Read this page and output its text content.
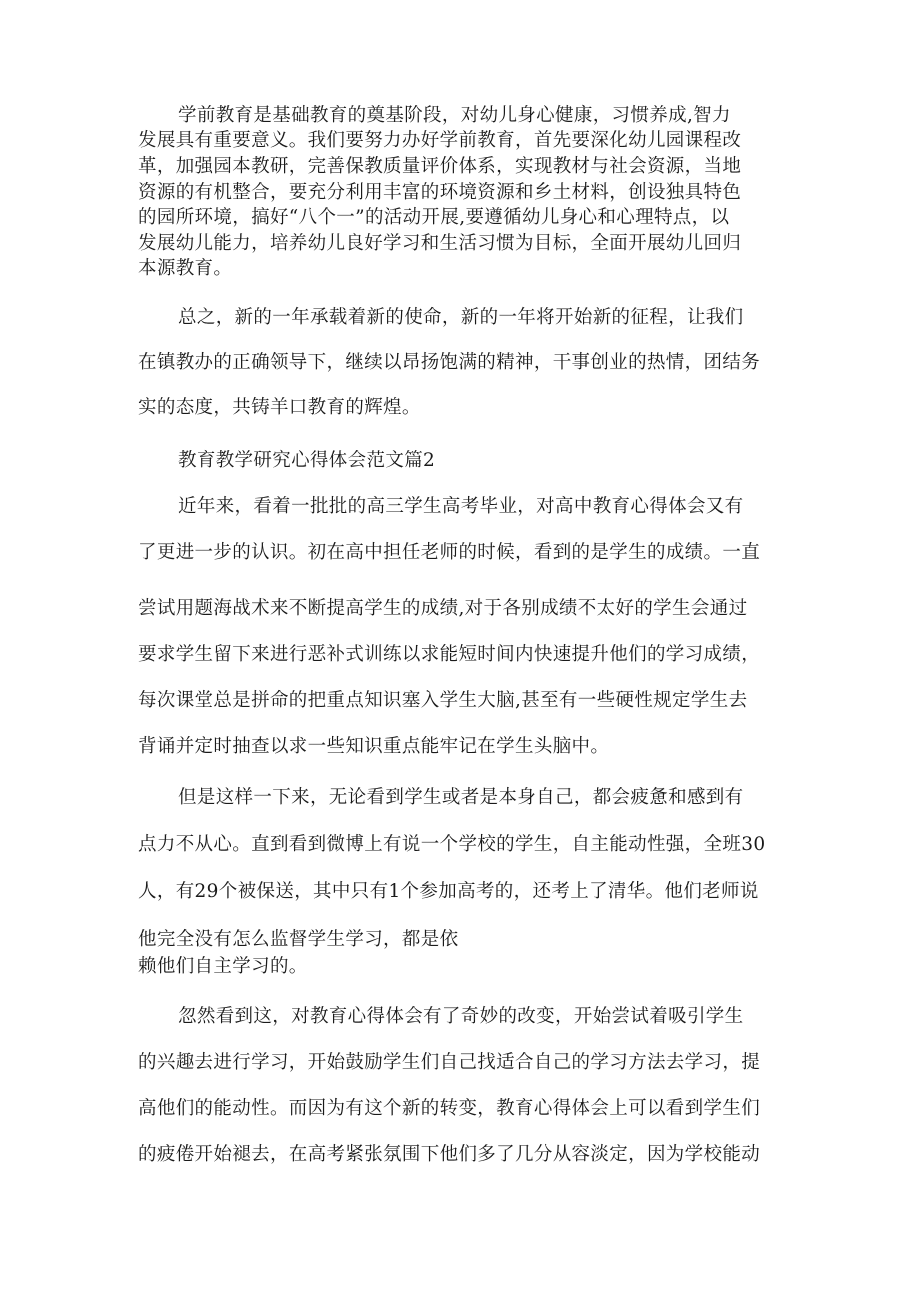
学前教育是基础教育的奠基阶段，对幼儿身心健康，习惯养成,智力
发展具有重要意义。我们要努力办好学前教育，首先要深化幼儿园课程改
革，加强园本教研，完善保教质量评价体系，实现教材与社会资源，当地
资源的有机整合，要充分利用丰富的环境资源和乡土材料，创设独具特色
的园所环境，搞好“八个一”的活动开展,要遵循幼儿身心和心理特点，以
发展幼儿能力，培养幼儿良好学习和生活习惯为目标，全面开展幼儿回归
本源教育。
总之，新的一年承载着新的使命，新的一年将开始新的征程，让我们
在镇教办的正确领导下，继续以昂扬饱满的精神，干事创业的热情，团结务
实的态度，共铸羊口教育的辉煌。
教育教学研究心得体会范文篇2
近年来，看着一批批的高三学生高考毕业，对高中教育心得体会又有
了更进一步的认识。初在高中担任老师的时候，看到的是学生的成绩。一直
尝试用题海战术来不断提高学生的成绩,对于各别成绩不太好的学生会通过
要求学生留下来进行恶补式训练以求能短时间内快速提升他们的学习成绩，
每次课堂总是拼命的把重点知识塞入学生大脑,甚至有一些硬性规定学生去
背诵并定时抽查以求一些知识重点能牢记在学生头脑中。
但是这样一下来，无论看到学生或者是本身自己，都会疲惫和感到有
点力不从心。直到看到微博上有说一个学校的学生，自主能动性强，全班30
人，有29个被保送，其中只有1个参加高考的，还考上了清华。他们老师说
他完全没有怎么监督学生学习，都是依
赖他们自主学习的。
忽然看到这，对教育心得体会有了奇妙的改变，开始尝试着吸引学生
的兴趣去进行学习，开始鼓励学生们自己找适合自己的学习方法去学习，提
高他们的能动性。而因为有这个新的转变，教育心得体会上可以看到学生们
的疲倦开始褪去，在高考紧张氛围下他们多了几分从容淡定，因为学校能动
